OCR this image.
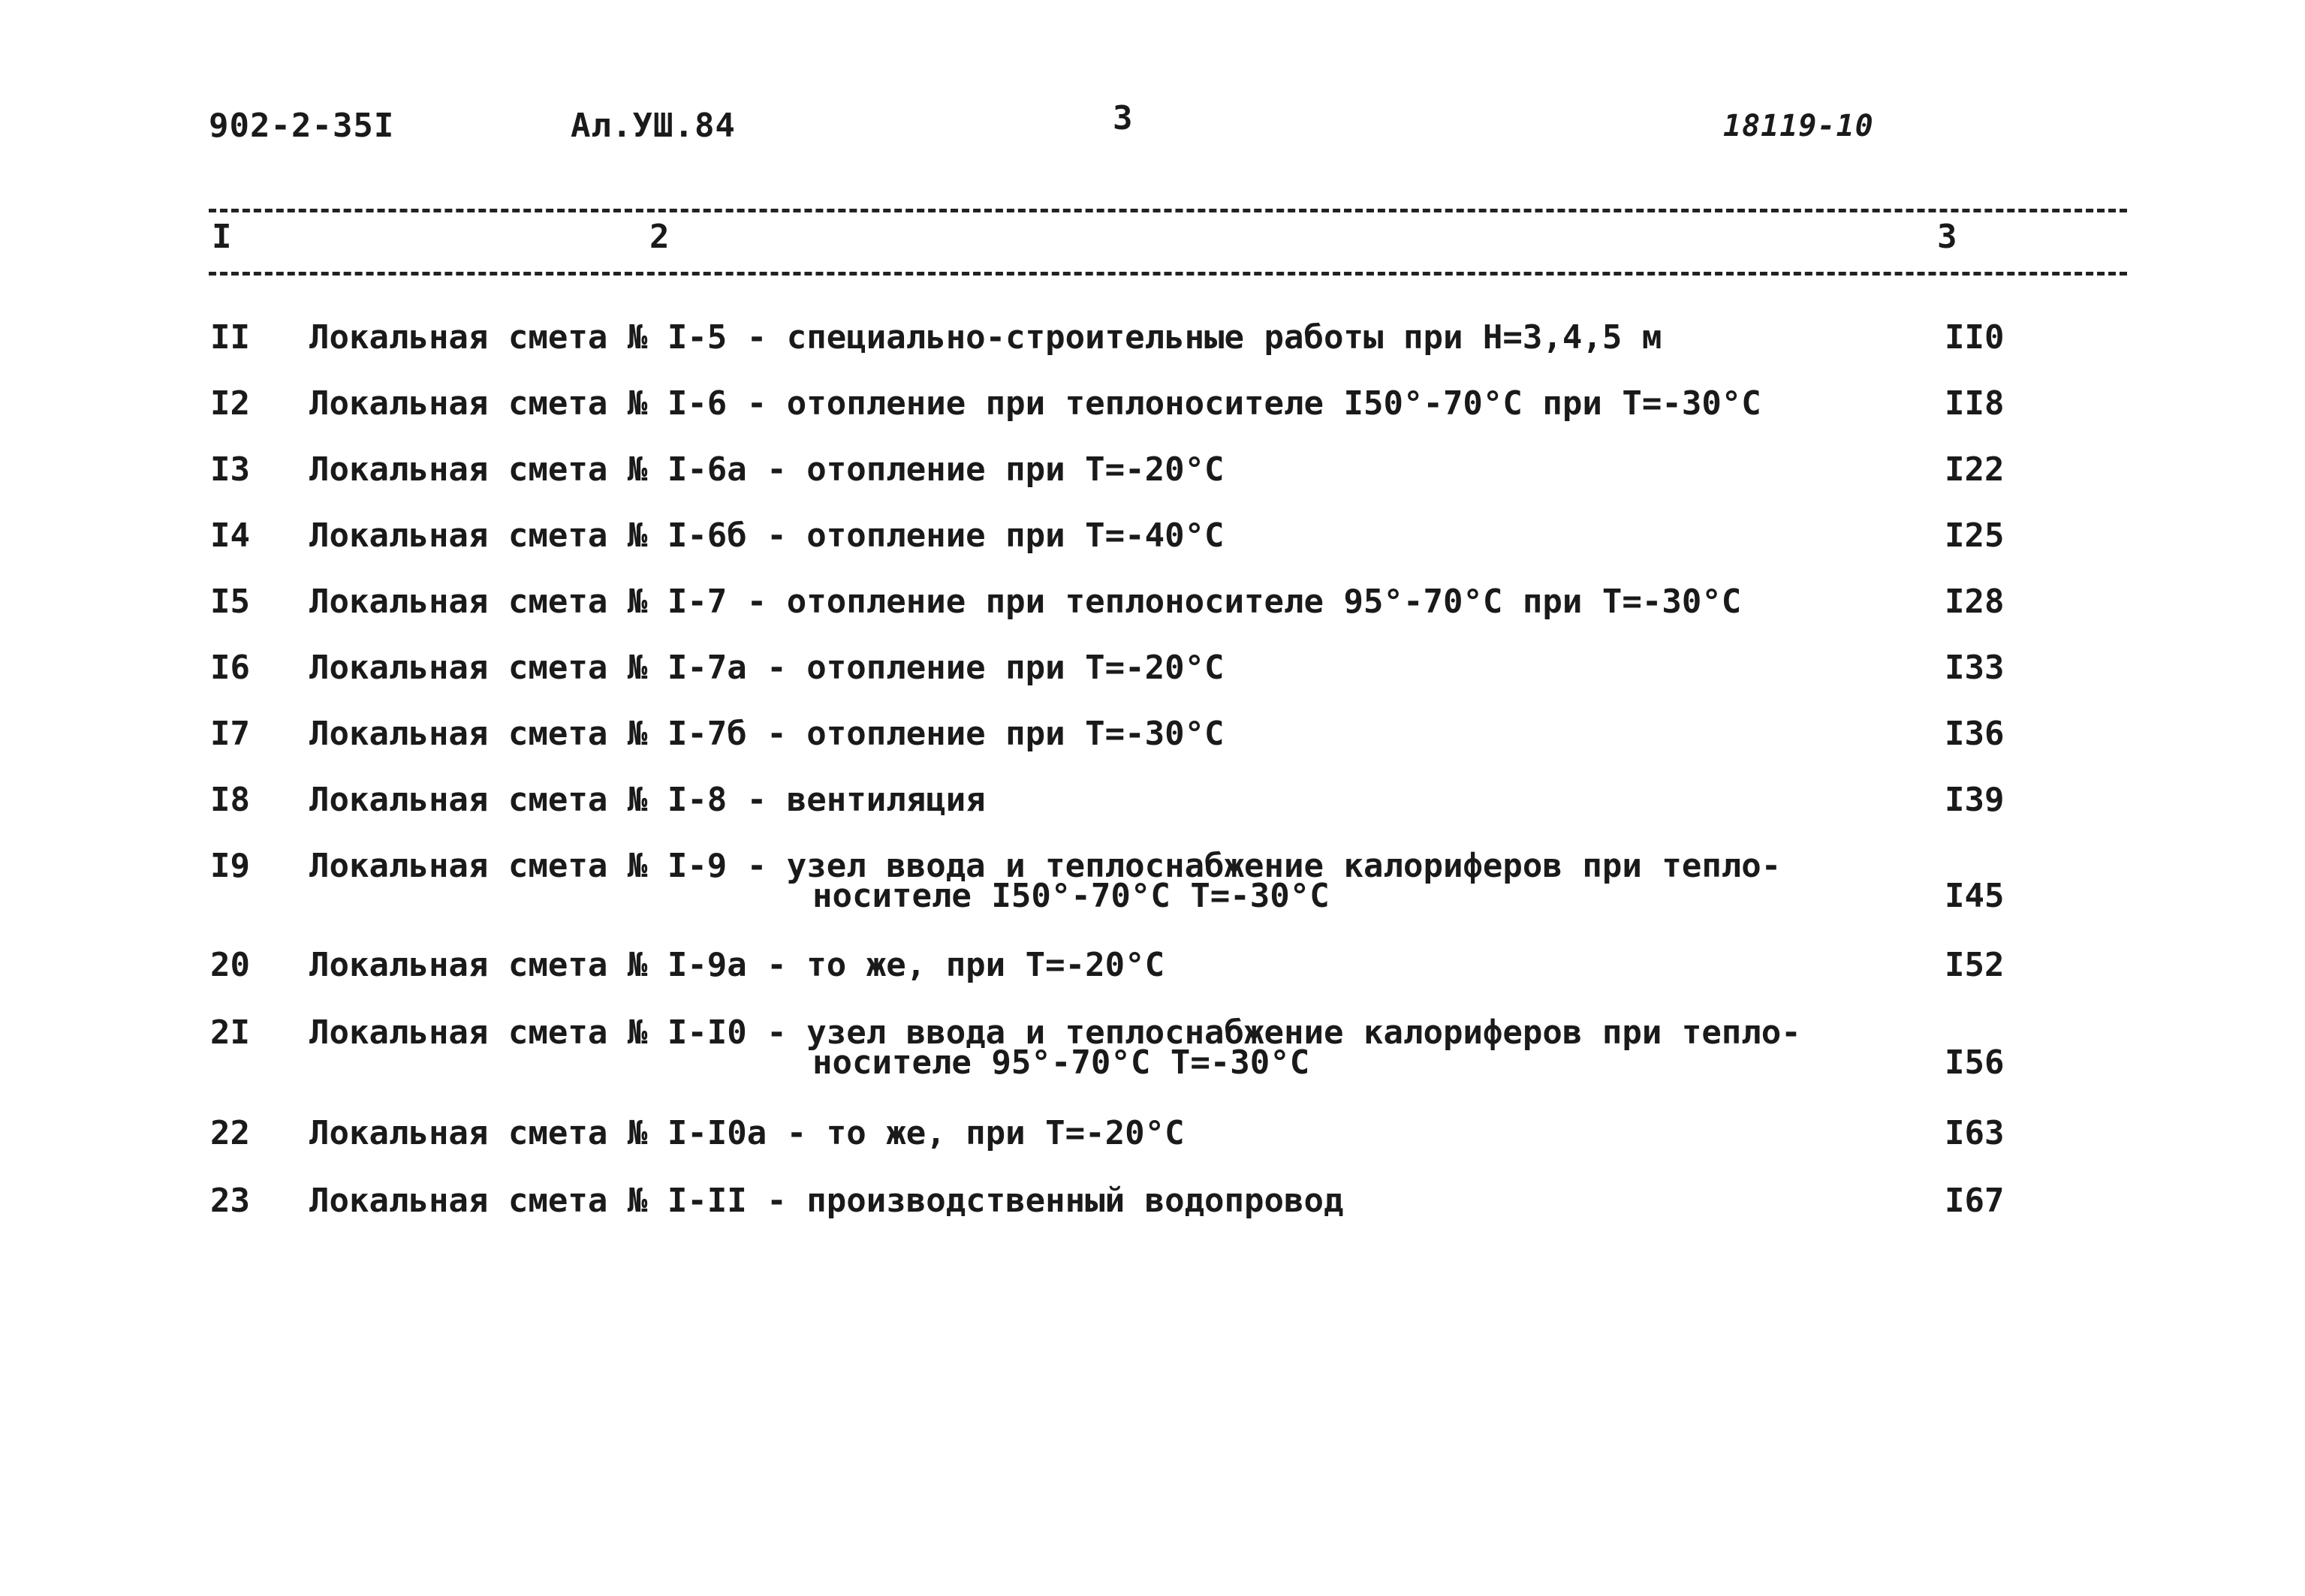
902-2-35I	Ал.УШ.84	3	18119-10
I	2	3
II Локальная смета № I-5 - специально-строительные работы при Н=3,4,5 м	II0
I2 Локальная смета № I-6 - отопление при теплоносителе I50°-70°С при Т=-30°С	II8
I3 Локальная смета № I-6а - отопление при Т=-20°С	I22
I4 Локальная смета № I-6б - отопление при Т=-40°С	I25
I5 Локальная смета № I-7 - отопление при теплоносителе 95°-70°С при Т=-30°С	I28
I6 Локальная смета № I-7а - отопление при Т=-20°С	I33
I7 Локальная смета № I-7б - отопление при Т=-30°С	I36
I8 Локальная смета № I-8 - вентиляция	I39
I9 Локальная смета № I-9 - узел ввода и теплоснабжение калориферов при тепло-
носителе I50°-70°С Т=-30°С	I45
20 Локальная смета № I-9а - то же, при Т=-20°С	I52
2I Локальная смета № I-I0 - узел ввода и теплоснабжение калориферов при тепло-
носителе 95°-70°С Т=-30°С	I56
22 Локальная смета № I-I0а - то же, при Т=-20°С	I63
23 Локальная смета № I-II - производственный водопровод	I67
